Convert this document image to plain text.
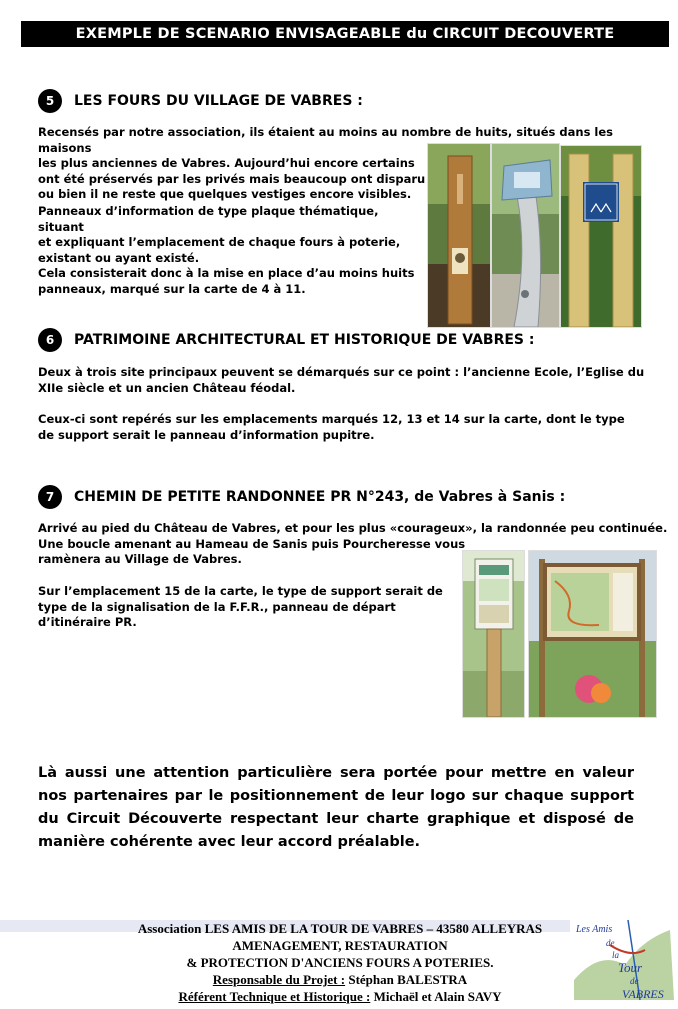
EXEMPLE DE SCENARIO ENVISAGEABLE du CIRCUIT DECOUVERTE
5	LES FOURS DU VILLAGE DE VABRES :

Recensés par notre association, ils étaient au moins au nombre de huits, situés dans les maisons
les plus anciennes de Vabres. Aujourd’hui encore certains
ont été préservés par les privés mais beaucoup ont disparu
ou bien il ne reste que quelques vestiges encore visibles.

Panneaux d’information de type plaque thématique, situant
et expliquant l’emplacement de chaque fours à poterie,
existant ou ayant existé.

Cela consisterait donc à la mise en place d’au moins huits
panneaux, marqué sur la carte de 4 à 11.

6	PATRIMOINE ARCHITECTURAL ET HISTORIQUE DE VABRES :

Deux à trois site principaux peuvent se démarqués sur ce point : l’ancienne Ecole, l’Eglise du
XIIe siècle et un ancien Château féodal.

Ceux-ci sont repérés sur les emplacements marqués 12, 13 et 14 sur la carte, dont le type
de support serait le panneau d’information pupitre.

7	CHEMIN DE PETITE RANDONNEE PR N°243, de Vabres à Sanis :

Arrivé au pied du Château de Vabres, et pour les plus «courageux», la randonnée peu continuée.
Une boucle amenant au Hameau de Sanis puis Pourcheresse vous
ramènera au Village de Vabres.

Sur l’emplacement 15 de la carte, le type de support serait de
type de la signalisation de la F.F.R., panneau de départ
d’itinéraire PR.

Là aussi une attention particulière sera portée pour mettre en valeur nos partenaires par le positionnement de leur logo sur chaque support du Circuit Découverte respectant leur charte graphique et disposé de manière cohérente avec leur accord préalable.

Association LES AMIS DE LA TOUR DE VABRES – 43580 ALLEYRAS
AMENAGEMENT, RESTAURATION
& PROTECTION D'ANCIENS FOURS A POTERIES.
Responsable du Projet : Stéphan BALESTRA
Référent Technique et Historique : Michaël et Alain SAVY
Les Amis
de
la
Tour
de
VABRES
